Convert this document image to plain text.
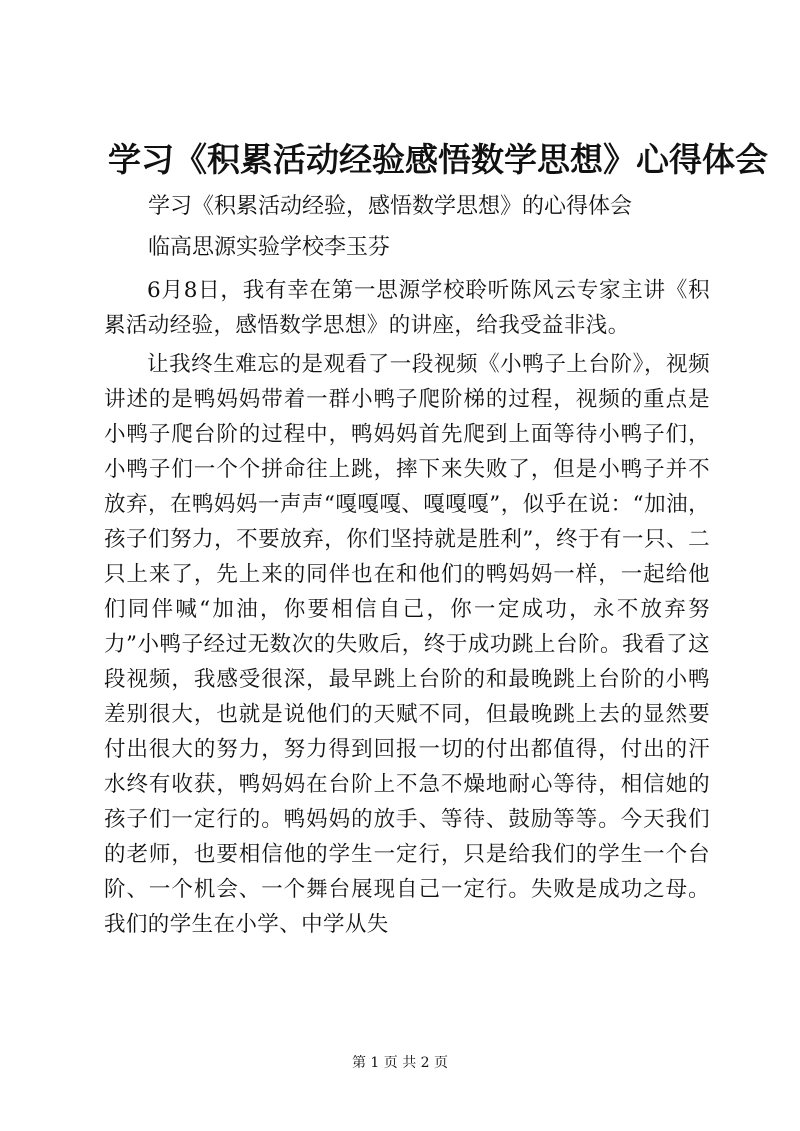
学习《积累活动经验感悟数学思想》心得体会
学习《积累活动经验，感悟数学思想》的心得体会
临高思源实验学校李玉芬

6月8日，我有幸在第一思源学校聆听陈风云专家主讲《积累活动经验，感悟数学思想》的讲座，给我受益非浅。

让我终生难忘的是观看了一段视频《小鸭子上台阶》，视频讲述的是鸭妈妈带着一群小鸭子爬阶梯的过程，视频的重点是小鸭子爬台阶的过程中，鸭妈妈首先爬到上面等待小鸭子们，小鸭子们一个个拼命往上跳，摔下来失败了，但是小鸭子并不放弃，在鸭妈妈一声声“嘎嘎嘎、嘎嘎嘎”，似乎在说：“加油，孩子们努力，不要放弃，你们坚持就是胜利”，终于有一只、二只上来了，先上来的同伴也在和他们的鸭妈妈一样，一起给他们同伴喊“加油，你要相信自己，你一定成功，永不放弃努力”小鸭子经过无数次的失败后，终于成功跳上台阶。我看了这段视频，我感受很深，最早跳上台阶的和最晚跳上台阶的小鸭差别很大，也就是说他们的天赋不同，但最晚跳上去的显然要付出很大的努力，努力得到回报一切的付出都值得，付出的汗水终有收获，鸭妈妈在台阶上不急不燥地耐心等待，相信她的孩子们一定行的。鸭妈妈的放手、等待、鼓励等等。今天我们的老师，也要相信他的学生一定行，只是给我们的学生一个台阶、一个机会、一个舞台展现自己一定行。失败是成功之母。我们的学生在小学、中学从失

第 1 页 共 2 页
